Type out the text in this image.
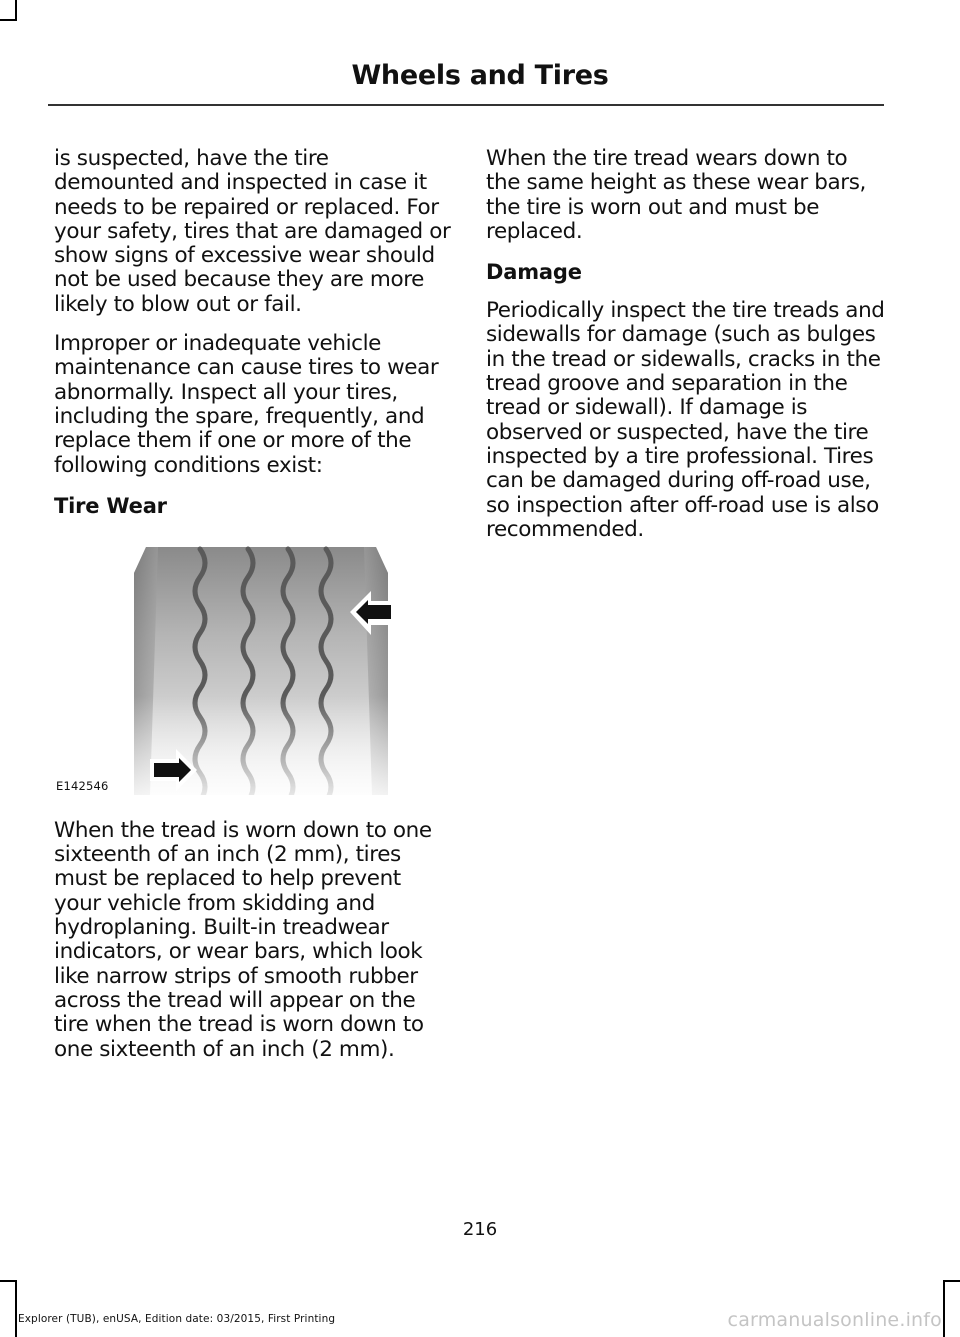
Wheels and Tires

is suspected, have the tire demounted and inspected in case it needs to be repaired or replaced. For your safety, tires that are damaged or show signs of excessive wear should not be used because they are more likely to blow out or fail.

Improper or inadequate vehicle maintenance can cause tires to wear abnormally. Inspect all your tires, including the spare, frequently, and replace them if one or more of the following conditions exist:

Tire Wear
E142546

When the tread is worn down to one sixteenth of an inch (2 mm), tires must be replaced to help prevent your vehicle from skidding and hydroplaning. Built-in treadwear indicators, or wear bars, which look like narrow strips of smooth rubber across the tread will appear on the tire when the tread is worn down to one sixteenth of an inch (2 mm).

When the tire tread wears down to the same height as these wear bars, the tire is worn out and must be replaced.

Damage

Periodically inspect the tire treads and sidewalls for damage (such as bulges in the tread or sidewalls, cracks in the tread groove and separation in the tread or sidewall). If damage is observed or suspected, have the tire inspected by a tire professional. Tires can be damaged during off-road use, so inspection after off-road use is also recommended.

216
Explorer (TUB), enUSA, Edition date: 03/2015, First Printing	carmanualsonline.info
